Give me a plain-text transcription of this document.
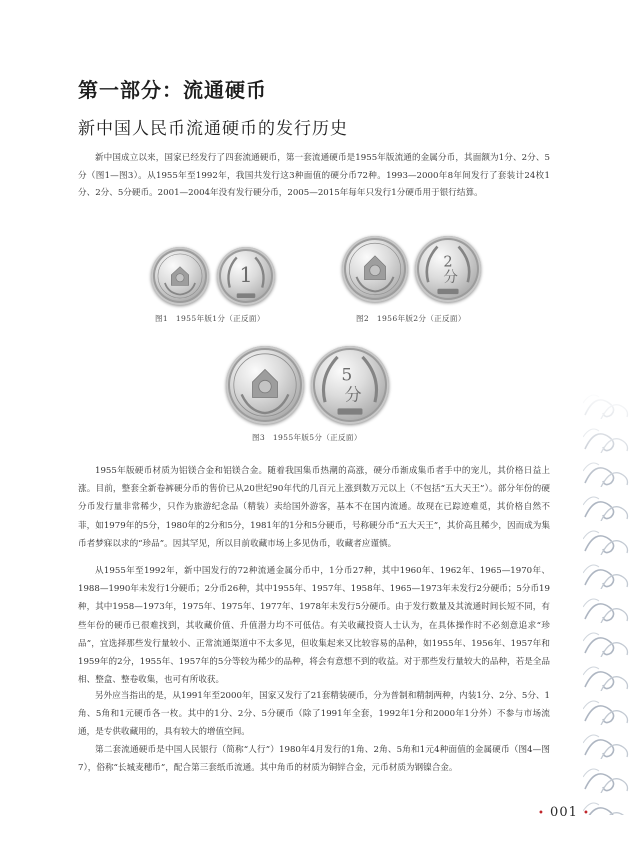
第一部分：流通硬币
新中国人民币流通硬币的发行历史

新中国成立以来，国家已经发行了四套流通硬币，第一套流通硬币是1955年版流通的金属分币，其面额为1分、2分、5分（图1—图3）。从1955年至1992年，我国共发行这3种面值的硬分币72种。1993—2000年8年间发行了套装计24枚1分、2分、5分硬币。2001—2004年没有发行硬分币，2005—2015年每年只发行1分硬币用于银行结算。

1
图1　1955年版1分（正反面）
2
分
图2　1956年版2分（正反面）
5
分
图3　1955年版5分（正反面）

1955年版硬币材质为铝镁合金和铝镁合金。随着我国集币热潮的高涨，硬分币渐成集币者手中的宠儿，其价格日益上涨。目前，整套全新卷裤硬分币的售价已从20世纪90年代的几百元上涨到数万元以上（不包括“五大天王”）。部分年份的硬分币发行量非常稀少，只作为旅游纪念品（精装）卖给国外游客，基本不在国内流通。故现在已踪迹难觅，其价格自然不菲，如1979年的5分，1980年的2分和5分，1981年的1分和5分硬币，号称硬分币“五大天王”，其价高且稀少，因而成为集币者梦寐以求的“珍品”。因其罕见，所以目前收藏市场上多见伪币，收藏者应谨慎。

从1955年至1992年，新中国发行的72种流通金属分币中，1分币27种，其中1960年、1962年、1965—1970年、1988—1990年未发行1分硬币；2分币26种，其中1955年、1957年、1958年、1965—1973年未发行2分硬币；5分币19种，其中1958—1973年，1975年、1975年、1977年、1978年未发行5分硬币。由于发行数量及其流通时间长短不同，有些年份的硬币已很难找到，其收藏价值、升值潜力均不可低估。有关收藏投资人士认为，在具体操作时不必刻意追求“珍品”，宜选择那些发行量较小、正常流通渠道中不太多见，但收集起来又比较容易的品种，如1955年、1956年、1957年和1959年的2分，1955年、1957年的5分等较为稀少的品种，将会有意想不到的收益。对于那些发行量较大的品种，若是全品相、整盒、整卷收集，也可有所收获。

另外应当指出的是，从1991年至2000年，国家又发行了21套精装硬币，分为普制和精制两种，内装1分、2分、5分、1角、5角和1元硬币各一枚。其中的1分、2分、5分硬币（除了1991年全套，1992年1分和2000年1分外）不参与市场流通，是专供收藏用的，具有较大的增值空间。

第二套流通硬币是中国人民银行（简称“人行”）1980年4月发行的1角、2角、5角和1元4种面值的金属硬币（图4—图7），俗称“长城麦穗币”，配合第三套纸币流通。其中角币的材质为铜锌合金，元币材质为钢镍合金。

• 001 •
